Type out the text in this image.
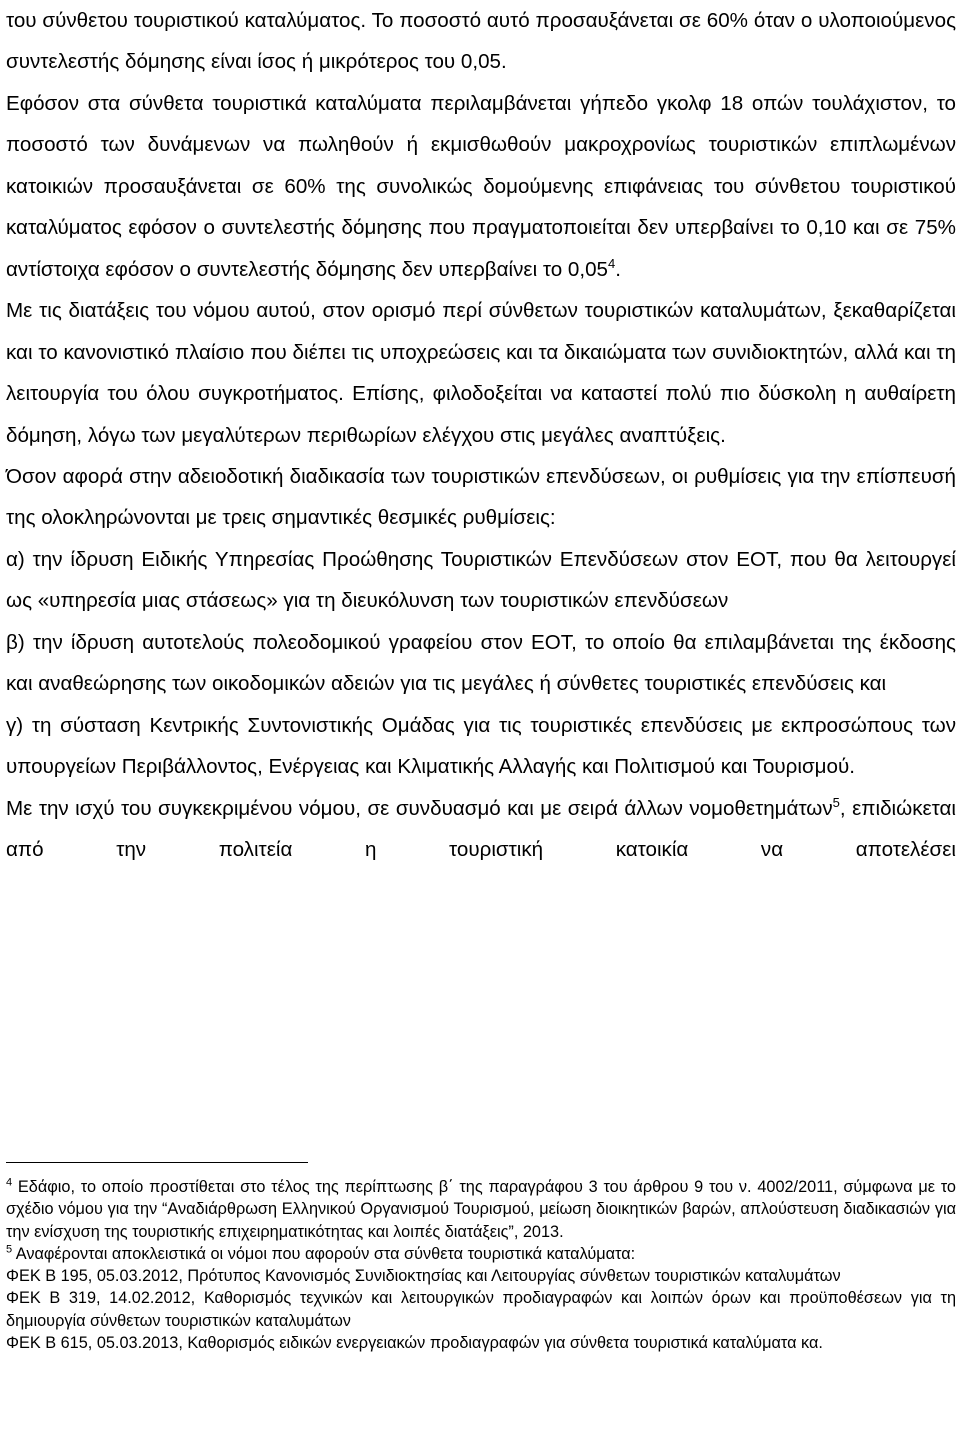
του σύνθετου τουριστικού καταλύματος. Το ποσοστό αυτό προσαυξάνεται σε 60% όταν ο υλοποιούμενος συντελεστής δόμησης είναι ίσος ή μικρότερος του 0,05.

Εφόσον στα σύνθετα τουριστικά καταλύματα περιλαμβάνεται γήπεδο γκολφ 18 οπών τουλάχιστον, το ποσοστό των δυνάμενων να πωληθούν ή εκμισθωθούν μακροχρονίως τουριστικών επιπλωμένων κατοικιών προσαυξάνεται σε 60% της συνολικώς δομούμενης επιφάνειας του σύνθετου τουριστικού καταλύματος εφόσον ο συντελεστής δόμησης που πραγματοποιείται δεν υπερβαίνει το 0,10 και σε 75% αντίστοιχα εφόσον ο συντελεστής δόμησης δεν υπερβαίνει το 0,05$^4$.

Με τις διατάξεις του νόμου αυτού, στον ορισμό περί σύνθετων τουριστικών καταλυμάτων, ξεκαθαρίζεται και το κανονιστικό πλαίσιο που διέπει τις υποχρεώσεις και τα δικαιώματα των συνιδιοκτητών, αλλά και τη λειτουργία του όλου συγκροτήματος. Επίσης, φιλοδοξείται να καταστεί πολύ πιο δύσκολη η αυθαίρετη δόμηση, λόγω των μεγαλύτερων περιθωρίων ελέγχου στις μεγάλες αναπτύξεις.

Όσον αφορά στην αδειοδοτική διαδικασία των τουριστικών επενδύσεων, οι ρυθμίσεις για την επίσπευσή της ολοκληρώνονται με τρεις σημαντικές θεσμικές ρυθμίσεις:

α) την ίδρυση Ειδικής Υπηρεσίας Προώθησης Τουριστικών Επενδύσεων στον ΕΟΤ, που θα λειτουργεί ως «υπηρεσία μιας στάσεως» για τη διευκόλυνση των τουριστικών επενδύσεων

β) την ίδρυση αυτοτελούς πολεοδομικού γραφείου στον ΕΟΤ, το οποίο θα επιλαμβάνεται της έκδοσης και αναθεώρησης των οικοδομικών αδειών για τις μεγάλες ή σύνθετες τουριστικές επενδύσεις και

γ) τη σύσταση Κεντρικής Συντονιστικής Ομάδας για τις τουριστικές επενδύσεις με εκπροσώπους των υπουργείων Περιβάλλοντος, Ενέργειας και Κλιματικής Αλλαγής και Πολιτισμού και Τουρισμού.

Με την ισχύ του συγκεκριμένου νόμου, σε συνδυασμό και με σειρά άλλων νομοθετημάτων$^5$, επιδιώκεται από την πολιτεία η τουριστική κατοικία να αποτελέσει

$^4$ Εδάφιο, το οποίο προστίθεται στο τέλος της περίπτωσης β΄ της παραγράφου 3 του άρθρου 9 του ν. 4002/2011, σύμφωνα με το σχέδιο νόμου για την “Αναδιάρθρωση Ελληνικού Οργανισμού Τουρισμού, μείωση διοικητικών βαρών, απλούστευση διαδικασιών για την ενίσχυση της τουριστικής επιχειρηματικότητας και λοιπές διατάξεις”, 2013.

$^5$ Αναφέρονται αποκλειστικά οι νόμοι που αφορούν στα σύνθετα τουριστικά καταλύματα:

ΦΕΚ Β 195, 05.03.2012, Πρότυπος Κανονισμός Συνιδιοκτησίας και Λειτουργίας σύνθετων τουριστικών καταλυμάτων

ΦΕΚ Β 319, 14.02.2012, Καθορισμός τεχνικών και λειτουργικών προδιαγραφών και λοιπών όρων και προϋποθέσεων για τη δημιουργία σύνθετων τουριστικών καταλυμάτων

ΦΕΚ Β 615, 05.03.2013, Καθορισμός ειδικών ενεργειακών προδιαγραφών για σύνθετα τουριστικά καταλύματα κα.
